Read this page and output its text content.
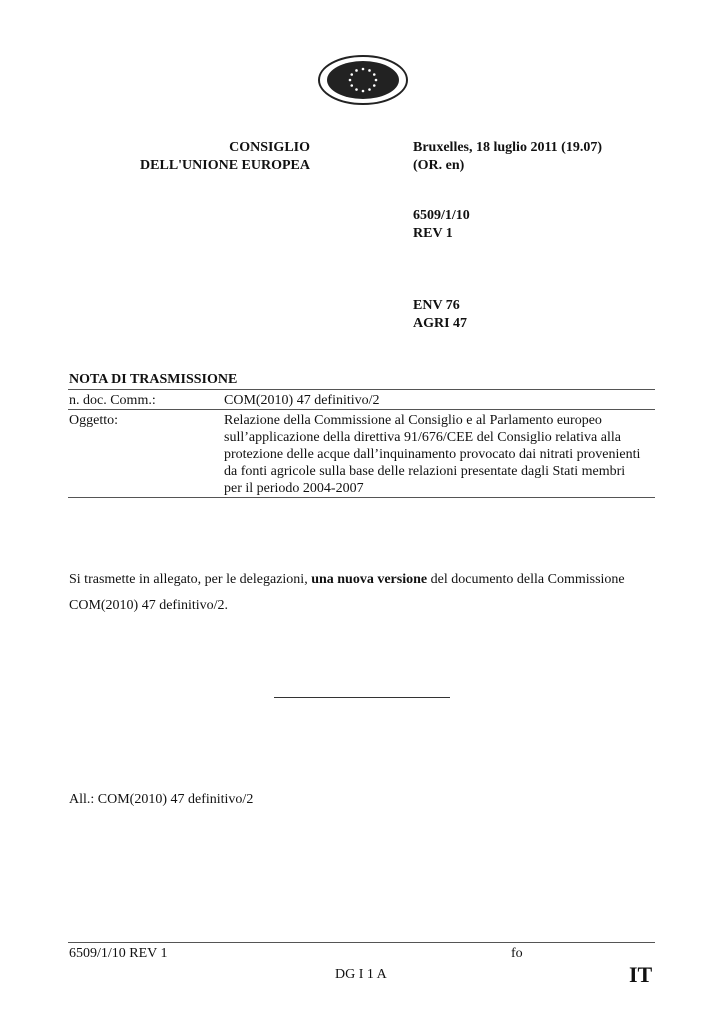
CONSIGLIO
DELL'UNIONE EUROPEA
Bruxelles, 18 luglio 2011 (19.07)
(OR. en)
6509/1/10
REV 1
ENV 76
AGRI 47
NOTA DI TRASMISSIONE
n. doc. Comm.:	COM(2010) 47 definitivo/2
Oggetto:	Relazione della Commissione al Consiglio e al Parlamento europeo sull’applicazione della direttiva 91/676/CEE del Consiglio relativa alla protezione delle acque dall’inquinamento provocato dai nitrati provenienti da fonti agricole sulla base delle relazioni presentate dagli Stati membri per il periodo 2004-2007
Si trasmette in allegato, per le delegazioni, una nuova versione del documento della Commissione COM(2010) 47 definitivo/2.
All.: COM(2010) 47 definitivo/2
6509/1/10 REV 1	fo
DG I 1 A	IT
